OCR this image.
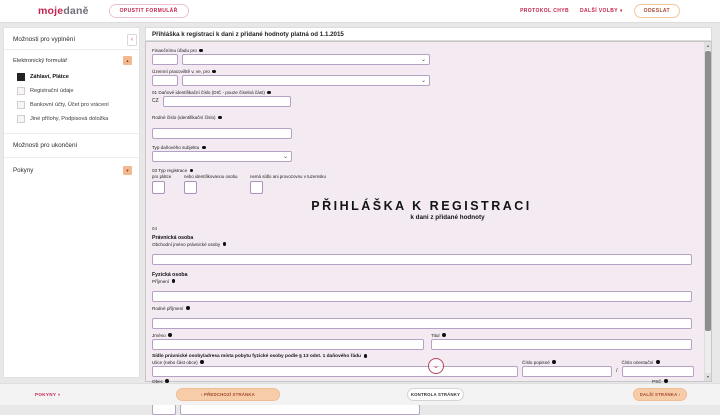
mojedaně	OPUSTIT FORMULÁŘ	PROTOKOL CHYB DALŠÍ VOLBY ▾	ODESLAT
Možnosti pro vyplnění	‹
Elektronický formulář	▴
Záhlaví, Plátce
Registrační údaje
Bankovní účty, Účet pro vrácení
Jiné přílohy, Podpisová doložka
Možnosti pro ukončení
Pokyny	▾
Přihláška k registraci k dani z přidané hodnoty platná od 1.1.2015
Finančnímu úřadu pro
⌄
Územní pracoviště v, ve, pro
⌄
01 Daňové identifikační číslo (DIČ - pouze číselná část)
CZ
Rodné číslo (identifikační číslo)
Typ daňového subjektu
⌄
03 Typ registrace
pro plátce	nebo identifikovanou osobu	nemá sídlo ani provozovnu v tuzemsku
PŘIHLÁŠKA K REGISTRACI
k dani z přidané hodnoty
04
Právnická osoba
Obchodní jméno právnické osoby
Fyzická osoba
Příjmení
Rodné příjmení
Jméno	Titul
Sídlo právnické osoby/adresa místa pobytu fyzické osoby podle § 13 odst. 1 daňového řádu
Ulice (nebo část obce)	Číslo popisné
/
Číslo orientační
Obec	PSČ
⌄
▲
▼
POKYNY »	‹ PŘEDCHOZÍ STRÁNKA	KONTROLA STRÁNKY	DALŠÍ STRÁNKA ›
